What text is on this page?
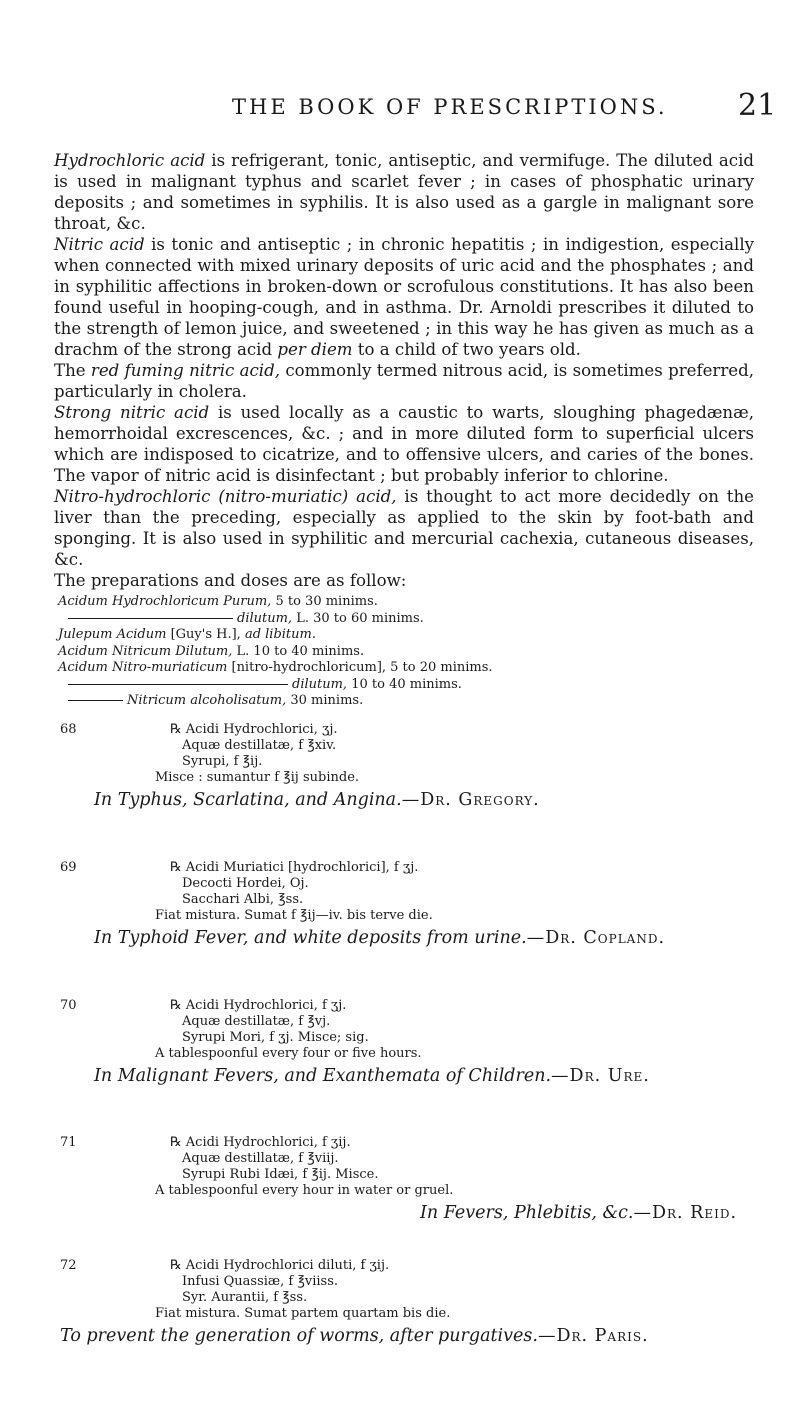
THE BOOK OF PRESCRIPTIONS. 21

Hydrochloric acid is refrigerant, tonic, antiseptic, and vermifuge. The diluted acid is used in malignant typhus and scarlet fever ; in cases of phosphatic urinary deposits ; and sometimes in syphilis. It is also used as a gargle in malignant sore throat, &c.

Nitric acid is tonic and antiseptic ; in chronic hepatitis ; in indigestion, especially when connected with mixed urinary deposits of uric acid and the phosphates ; and in syphilitic affections in broken-down or scrofulous constitutions. It has also been found useful in hooping-cough, and in asthma. Dr. Arnoldi prescribes it diluted to the strength of lemon juice, and sweetened ; in this way he has given as much as a drachm of the strong acid per diem to a child of two years old.

The red fuming nitric acid, commonly termed nitrous acid, is sometimes preferred, particularly in cholera.

Strong nitric acid is used locally as a caustic to warts, sloughing phagedænæ, hemorrhoidal excrescences, &c. ; and in more diluted form to superficial ulcers which are indisposed to cicatrize, and to offensive ulcers, and caries of the bones. The vapor of nitric acid is disinfectant ; but probably inferior to chlorine.

Nitro-hydrochloric (nitro-muriatic) acid, is thought to act more decidedly on the liver than the preceding, especially as applied to the skin by foot-bath and sponging. It is also used in syphilitic and mercurial cachexia, cutaneous diseases, &c.

The preparations and doses are as follow:

Acidum Hydrochloricum Purum, 5 to 30 minims.
dilutum, L. 30 to 60 minims.
Julepum Acidum [Guy's H.], ad libitum.
Acidum Nitricum Dilutum, L. 10 to 40 minims.
Acidum Nitro-muriaticum [nitro-hydrochloricum], 5 to 20 minims.
dilutum, 10 to 40 minims.
Nitricum alcoholisatum, 30 minims.
68	℞ Acidi Hydrochlorici, ʒj.
Aquæ destillatæ, f ℥xiv.
Syrupi, f ℥ij.
Misce : sumantur f ℥ij subinde.
In Typhus, Scarlatina, and Angina.—Dr. Gregory.
69	℞ Acidi Muriatici [hydrochlorici], f ʒj.
Decocti Hordei, Oj.
Sacchari Albi, ℥ss.
Fiat mistura. Sumat f ℥ij—iv. bis terve die.
In Typhoid Fever, and white deposits from urine.—Dr. Copland.
70	℞ Acidi Hydrochlorici, f ʒj.
Aquæ destillatæ, f ℥vj.
Syrupi Mori, f ʒj. Misce; sig.
A tablespoonful every four or five hours.
In Malignant Fevers, and Exanthemata of Children.—Dr. Ure.
71	℞ Acidi Hydrochlorici, f ʒij.
Aquæ destillatæ, f ℥viij.
Syrupi Rubi Idæi, f ℥ij. Misce.
A tablespoonful every hour in water or gruel.
In Fevers, Phlebitis, &c.—Dr. Reid.
72	℞ Acidi Hydrochlorici diluti, f ʒij.
Infusi Quassiæ, f ℥viiss.
Syr. Aurantii, f ℥ss.
Fiat mistura. Sumat partem quartam bis die.
To prevent the generation of worms, after purgatives.—Dr. Paris.
